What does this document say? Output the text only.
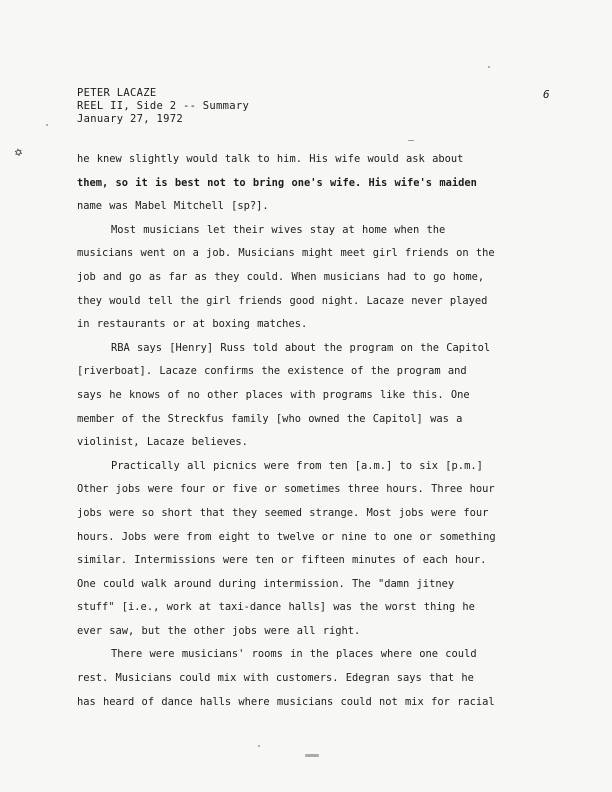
PETER LACAZE
REEL II, Side 2 -- Summary
January 27, 1972
6
✡
he knew slightly would talk to him. His wife would ask about
them, so it is best not to bring one's wife. His wife's maiden
name was Mabel Mitchell [sp?].
Most musicians let their wives stay at home when the
musicians went on a job. Musicians might meet girl friends on the
job and go as far as they could. When musicians had to go home,
they would tell the girl friends good night. Lacaze never played
in restaurants or at boxing matches.
RBA says [Henry] Russ told about the program on the Capitol
[riverboat]. Lacaze confirms the existence of the program and
says he knows of no other places with programs like this. One
member of the Streckfus family [who owned the Capitol] was a
violinist, Lacaze believes.
Practically all picnics were from ten [a.m.] to six [p.m.]
Other jobs were four or five or sometimes three hours. Three hour
jobs were so short that they seemed strange. Most jobs were four
hours. Jobs were from eight to twelve or nine to one or something
similar. Intermissions were ten or fifteen minutes of each hour.
One could walk around during intermission. The "damn jitney
stuff" [i.e., work at taxi-dance halls] was the worst thing he
ever saw, but the other jobs were all right.
There were musicians' rooms in the places where one could
rest. Musicians could mix with customers. Edegran says that he
has heard of dance halls where musicians could not mix for racial
